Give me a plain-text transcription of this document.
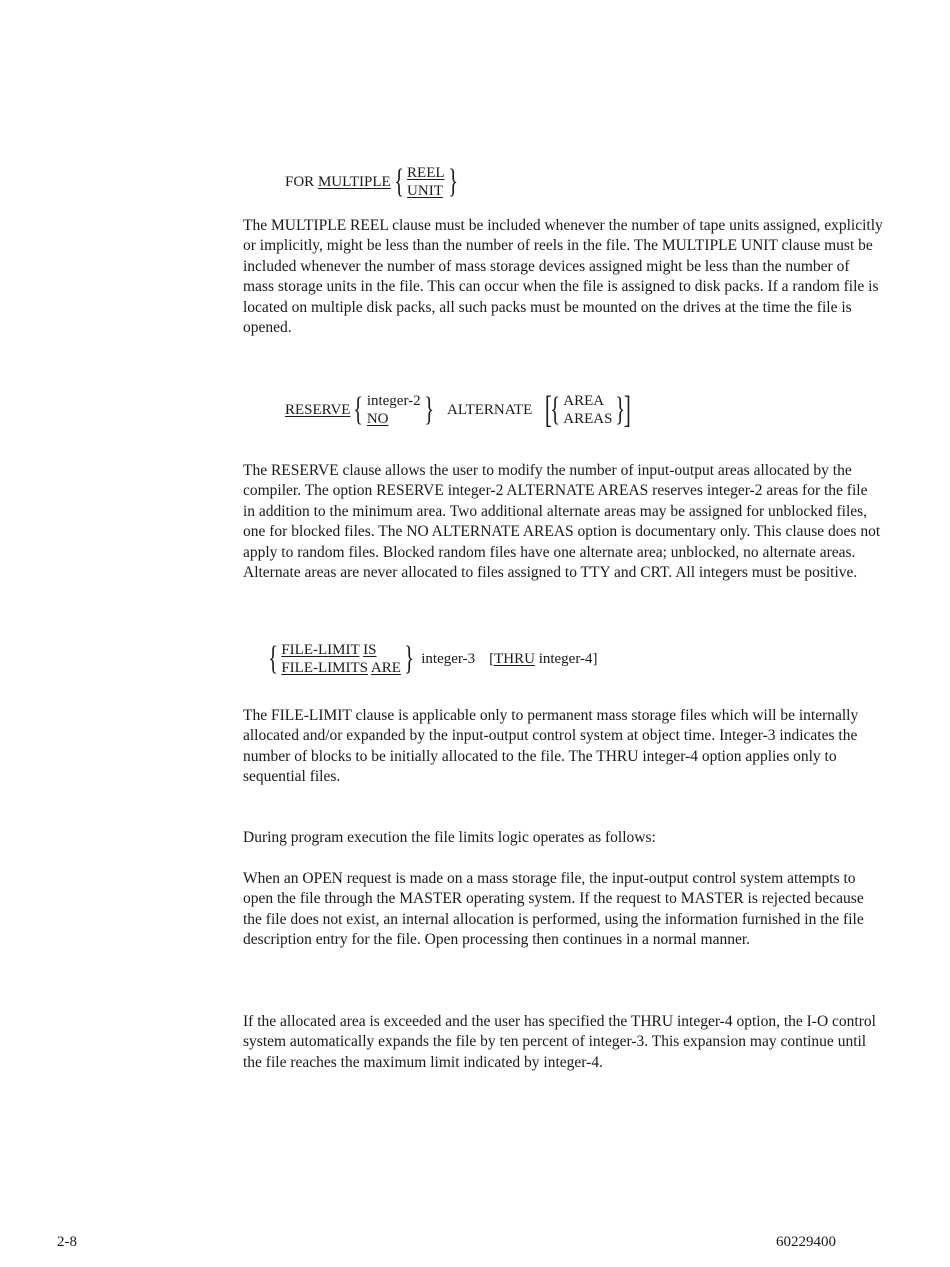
FOR
MULTIPLE { REEL
UNIT }

The MULTIPLE REEL clause must be included whenever the number of tape units assigned, explicitly or implicitly, might be less than the number of reels in the file. The MULTIPLE UNIT clause must be included whenever the number of mass storage devices assigned might be less than the number of mass storage units in the file. This can occur when the file is assigned to disk packs. If a random file is located on multiple disk packs, all such packs must be mounted on the drives at the time the file is opened.

RESERVE { integer-2
NO	} ALTERNATE [
{ AREA
AREAS }
]

The RESERVE clause allows the user to modify the number of input-output areas allocated by the compiler. The option RESERVE integer-2 ALTERNATE AREAS reserves integer-2 areas for the file in addition to the minimum area. Two additional alternate areas may be assigned for unblocked files, one for blocked files. The NO ALTERNATE AREAS option is documentary only. This clause does not apply to random files. Blocked random files have one alternate area; unblocked, no alternate areas. Alternate areas are never allocated to files assigned to TTY and CRT. All integers must be positive.

{ FILE-LIMIT IS
FILE-LIMITS ARE } integer-3 [ THRU
integer-4 ]

The FILE-LIMIT clause is applicable only to permanent mass storage files which will be internally allocated and/or expanded by the input-output control system at object time. Integer-3 indicates the number of blocks to be initially allocated to the file. The THRU integer-4 option applies only to sequential files.

During program execution the file limits logic operates as follows:

When an OPEN request is made on a mass storage file, the input-output control system attempts to open the file through the MASTER operating system. If the request to MASTER is rejected because the file does not exist, an internal allocation is performed, using the information furnished in the file description entry for the file. Open processing then continues in a normal manner.

If the allocated area is exceeded and the user has specified the THRU integer-4 option, the I-O control system automatically expands the file by ten percent of integer-3. This expansion may continue until the file reaches the maximum limit indicated by integer-4.

2-8	60229400
